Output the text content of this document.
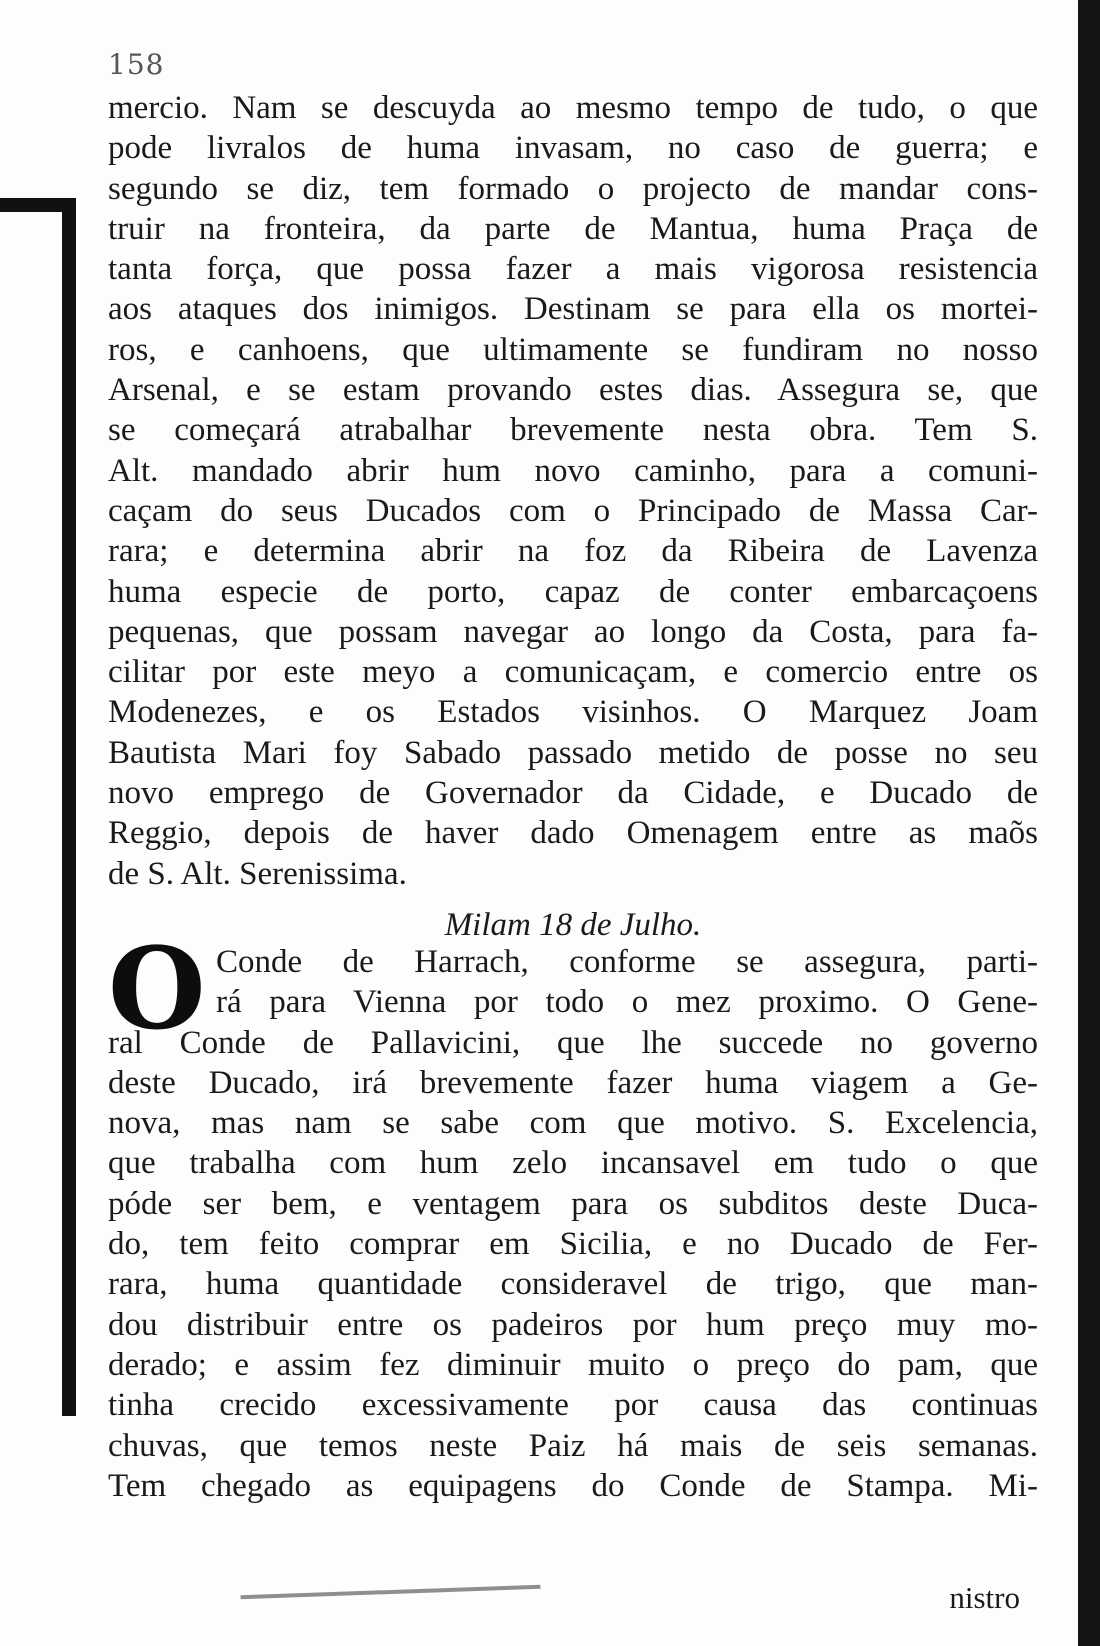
158
mercio. Nam se descuyda ao mesmo tempo de tudo, o que
pode livralos de huma invasam, no caso de guerra; e
segundo se diz, tem formado o projecto de mandar cons-
truir na fronteira, da parte de Mantua, huma Praça de
tanta força, que possa fazer a mais vigorosa resistencia
aos ataques dos inimigos. Destinam se para ella os mortei-
ros, e canhoens, que ultimamente se fundiram no nosso
Arsenal, e se estam provando estes dias. Assegura se, que
se começará atrabalhar brevemente nesta obra. Tem S.
Alt. mandado abrir hum novo caminho, para a comuni-
caçam do seus Ducados com o Principado de Massa Car-
rara; e determina abrir na foz da Ribeira de Lavenza
huma especie de porto, capaz de conter embarcaçoens
pequenas, que possam navegar ao longo da Costa, para fa-
cilitar por este meyo a comunicaçam, e comercio entre os
Modenezes, e os Estados visinhos. O Marquez Joam
Bautista Mari foy Sabado passado metido de posse no seu
novo emprego de Governador da Cidade, e Ducado de
Reggio, depois de haver dado Omenagem entre as maõs
de S. Alt. Serenissima.
Milam 18 de Julho.
O Conde de Harrach, conforme se assegura, parti-
rá para Vienna por todo o mez proximo. O Gene-
ral Conde de Pallavicini, que lhe succede no governo
deste Ducado, irá brevemente fazer huma viagem a Ge-
nova, mas nam se sabe com que motivo. S. Excelencia,
que trabalha com hum zelo incansavel em tudo o que
póde ser bem, e ventagem para os subditos deste Duca-
do, tem feito comprar em Sicilia, e no Ducado de Fer-
rara, huma quantidade consideravel de trigo, que man-
dou distribuir entre os padeiros por hum preço muy mo-
derado; e assim fez diminuir muito o preço do pam, que
tinha crecido excessivamente por causa das continuas
chuvas, que temos neste Paiz há mais de seis semanas.
Tem chegado as equipagens do Conde de Stampa. Mi-
nistro
